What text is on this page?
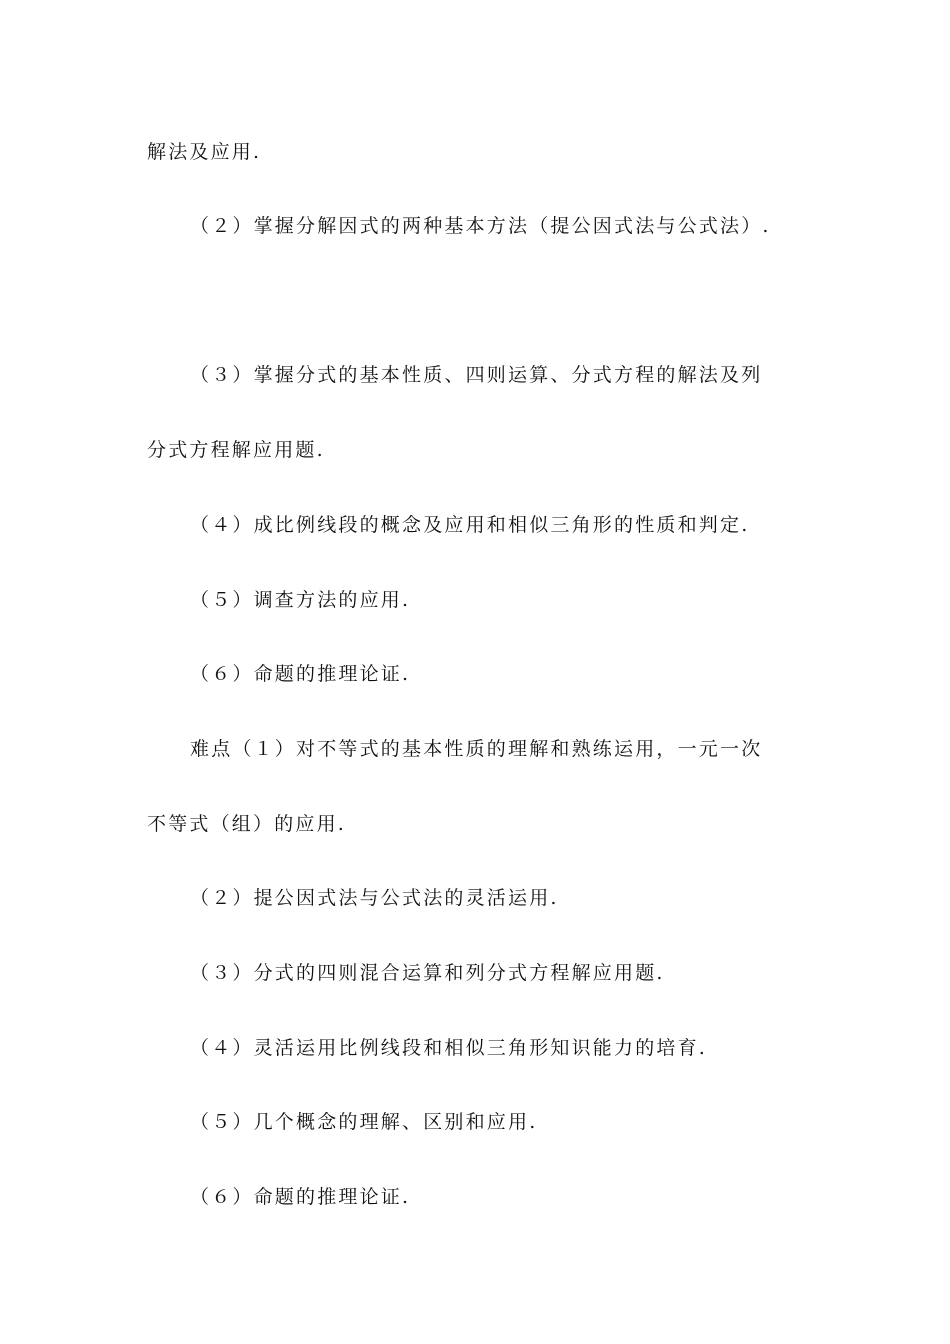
解法及应用.

（２）掌握分解因式的两种基本方法（提公因式法与公式法）.

（３）掌握分式的基本性质、四则运算、分式方程的解法及列

分式方程解应用题.

（４）成比例线段的概念及应用和相似三角形的性质和判定.

（５）调查方法的应用.

（６）命题的推理论证.

难点（１）对不等式的基本性质的理解和熟练运用，一元一次

不等式（组）的应用.

（２）提公因式法与公式法的灵活运用.

（３）分式的四则混合运算和列分式方程解应用题.

（４）灵活运用比例线段和相似三角形知识能力的培育.

（５）几个概念的理解、区别和应用.

（６）命题的推理论证.
